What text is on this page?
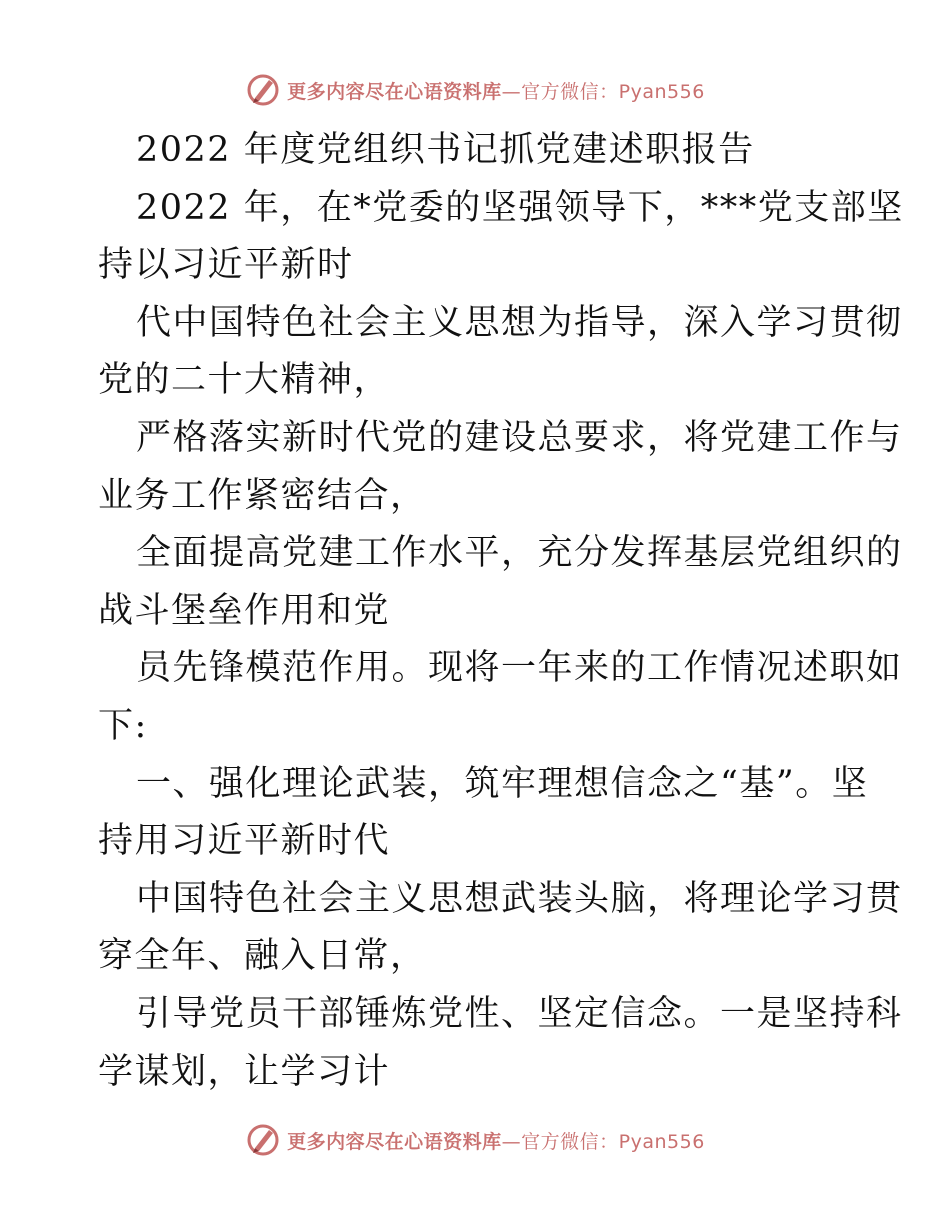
更多内容尽在心语资料库—官方微信：Pyan556
2022 年度党组织书记抓党建述职报告
2022 年，在*党委的坚强领导下，***党支部坚
持以习近平新时
代中国特色社会主义思想为指导，深入学习贯彻
党的二十大精神，
严格落实新时代党的建设总要求，将党建工作与
业务工作紧密结合，
全面提高党建工作水平，充分发挥基层党组织的
战斗堡垒作用和党
员先锋模范作用。现将一年来的工作情况述职如
下:
一、强化理论武装，筑牢理想信念之“基”。坚
持用习近平新时代
中国特色社会主义思想武装头脑，将理论学习贯
穿全年、融入日常，
引导党员干部锤炼党性、坚定信念。一是坚持科
学谋划，让学习计
更多内容尽在心语资料库—官方微信：Pyan556
